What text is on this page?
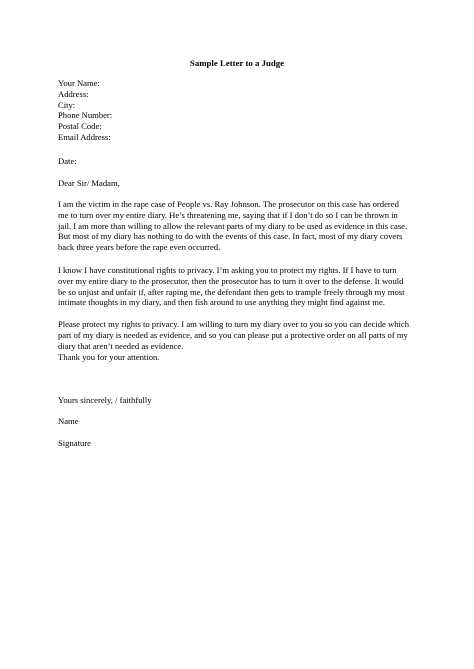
Sample Letter to a Judge

Your Name:
Address:
City:
Phone Number:
Postal Code:
Email Address:

Date:

Dear Sir/ Madam,

I am the victim in the rape case of People vs. Ray Johnson. The prosecutor on this case has ordered
me to turn over my entire diary. He’s threatening me, saying that if I don’t do so I can be thrown in
jail. I am more than willing to allow the relevant parts of my diary to be used as evidence in this case.
But most of my diary has nothing to do with the events of this case. In fact, most of my diary covers
back three years before the rape even occurred.

I know I have constitutional rights to privacy. I’m asking you to protect my rights. If I have to turn
over my entire diary to the prosecutor, then the prosecutor has to turn it over to the defense. It would
be so unjust and unfair if, after raping me, the defendant then gets to trample freely through my most
intimate thoughts in my diary, and then fish around to use anything they might find against me.

Please protect my rights to privacy. I am willing to turn my diary over to you so you can decide which
part of my diary is needed as evidence, and so you can please put a protective order on all parts of my
diary that aren’t needed as evidence.

Thank you for your attention.

Yours sincerely, / faithfully

Name

Signature
